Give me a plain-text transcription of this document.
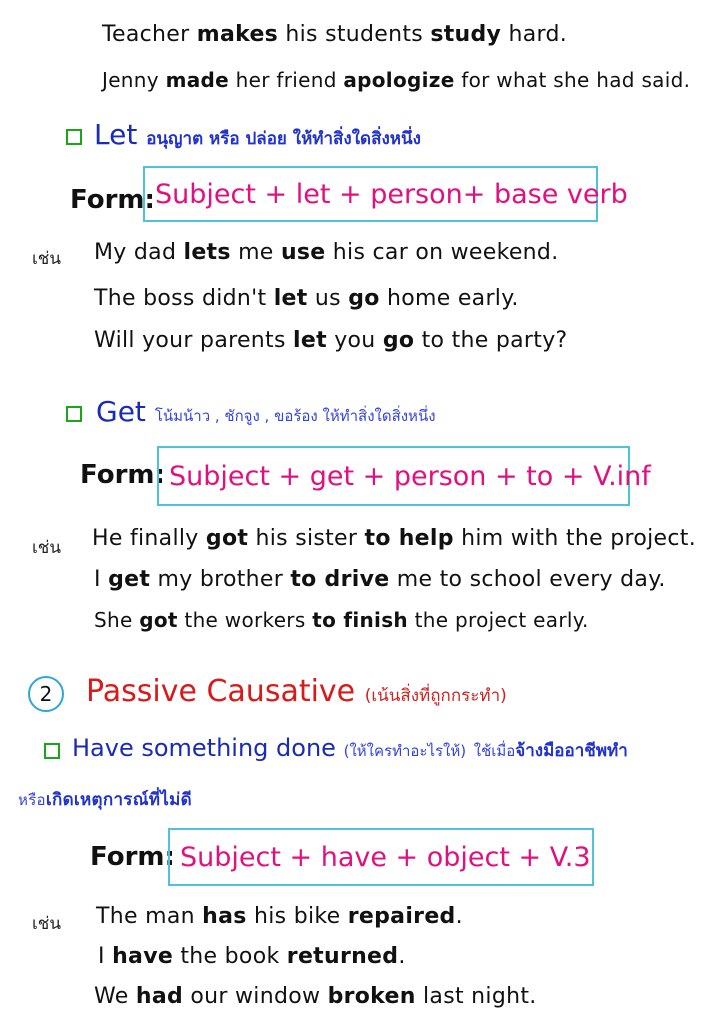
Teacher makes his students study hard.
Jenny made her friend apologize for what she had said.
Let อนุญาต หรือ ปล่อย ให้ทำสิ่งใดสิ่งหนึ่ง
Form: Subject + let + person+ base verb
เช่น My dad lets me use his car on weekend.
The boss didn't let us go home early.
Will your parents let you go to the party?
Get โน้มน้าว , ชักจูง , ขอร้อง ให้ทำสิ่งใดสิ่งหนึ่ง
Form: Subject + get + person + to + V.inf
เช่น He finally got his sister to help him with the project.
I get my brother to drive me to school every day.
She got the workers to finish the project early.
2	Passive Causative (เน้นสิ่งที่ถูกกระทำ)
Have something done (ให้ใครทำอะไรให้) ใช้เมื่อจ้างมืออาชีพทำ
หรือเกิดเหตุการณ์ที่ไม่ดี
Form: Subject + have + object + V.3
เช่น The man has his bike repaired.
I have the book returned.
We had our window broken last night.
